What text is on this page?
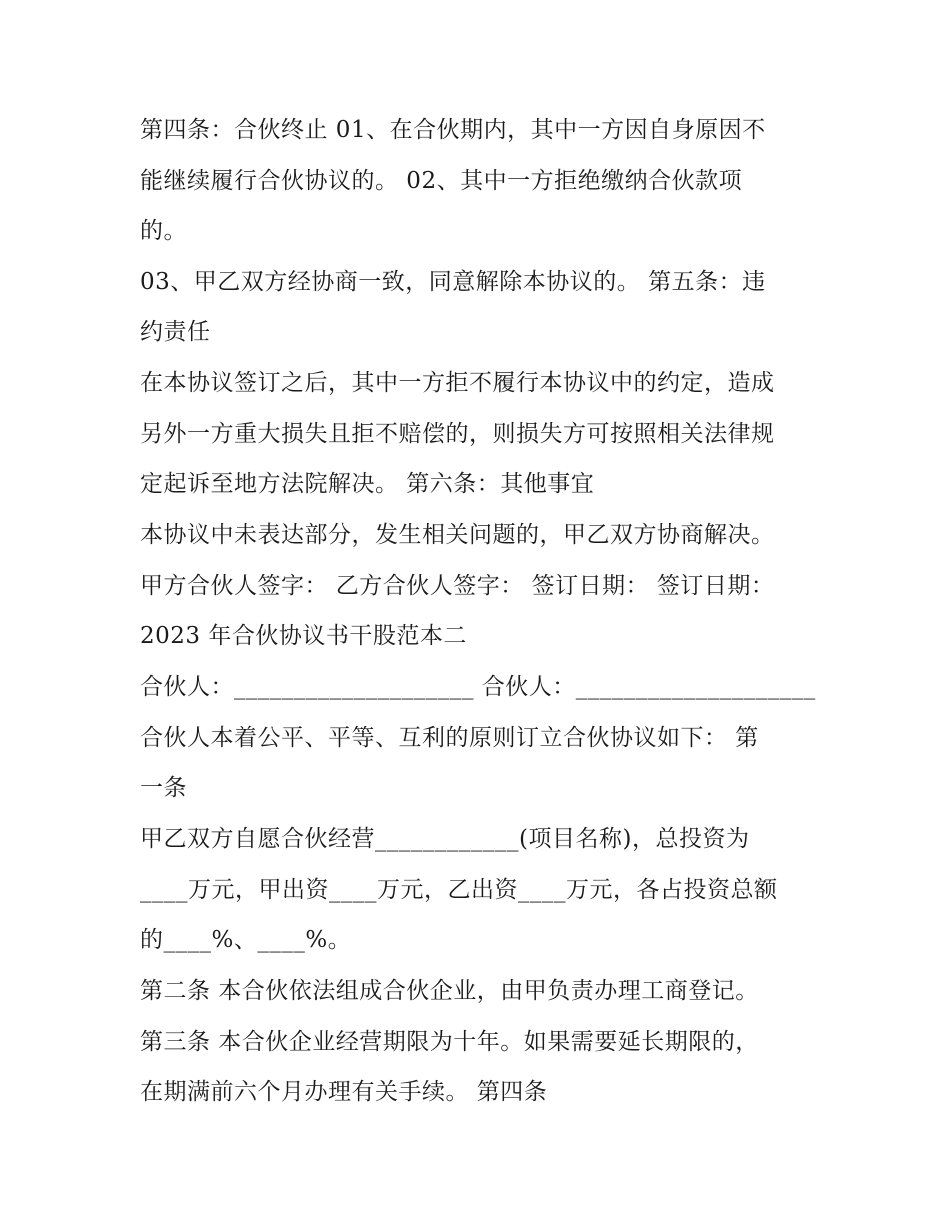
第四条：合伙终止 01、在合伙期内，其中一方因自身原因不
能继续履行合伙协议的。 02、其中一方拒绝缴纳合伙款项
的。
03、甲乙双方经协商一致，同意解除本协议的。 第五条：违
约责任
在本协议签订之后，其中一方拒不履行本协议中的约定，造成
另外一方重大损失且拒不赔偿的，则损失方可按照相关法律规
定起诉至地方法院解决。 第六条：其他事宜
本协议中未表达部分，发生相关问题的，甲乙双方协商解决。
甲方合伙人签字： 乙方合伙人签字： 签订日期： 签订日期：
2023 年合伙协议书干股范本二
合伙人：____________________ 合伙人：____________________
合伙人本着公平、平等、互利的原则订立合伙协议如下： 第
一条
甲乙双方自愿合伙经营____________(项目名称)，总投资为
____万元，甲出资____万元，乙出资____万元，各占投资总额
的____%、____%。
第二条 本合伙依法组成合伙企业，由甲负责办理工商登记。
第三条 本合伙企业经营期限为十年。如果需要延长期限的，
在期满前六个月办理有关手续。 第四条
